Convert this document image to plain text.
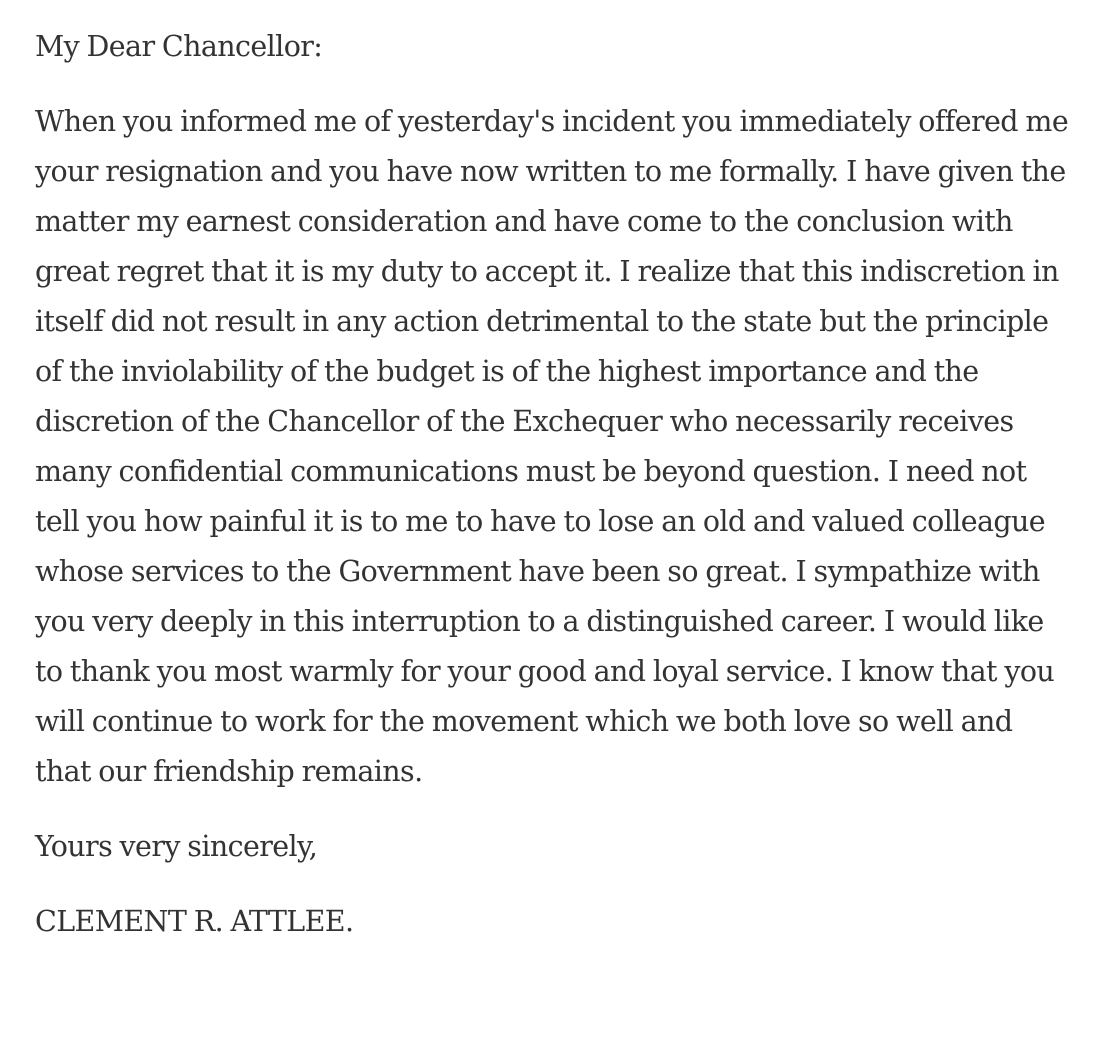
My Dear Chancellor:

When you informed me of yesterday's incident you immediately offered me your resignation and you have now written to me formally. I have given the matter my earnest consideration and have come to the conclusion with great regret that it is my duty to accept it. I realize that this indiscretion in itself did not result in any action detrimental to the state but the principle of the inviolability of the budget is of the highest importance and the discretion of the Chancellor of the Exchequer who necessarily receives many confidential communications must be beyond question. I need not tell you how painful it is to me to have to lose an old and valued colleague whose services to the Government have been so great. I sympathize with you very deeply in this interruption to a distinguished career. I would like to thank you most warmly for your good and loyal service. I know that you will continue to work for the movement which we both love so well and that our friendship remains.

Yours very sincerely,

CLEMENT R. ATTLEE.
